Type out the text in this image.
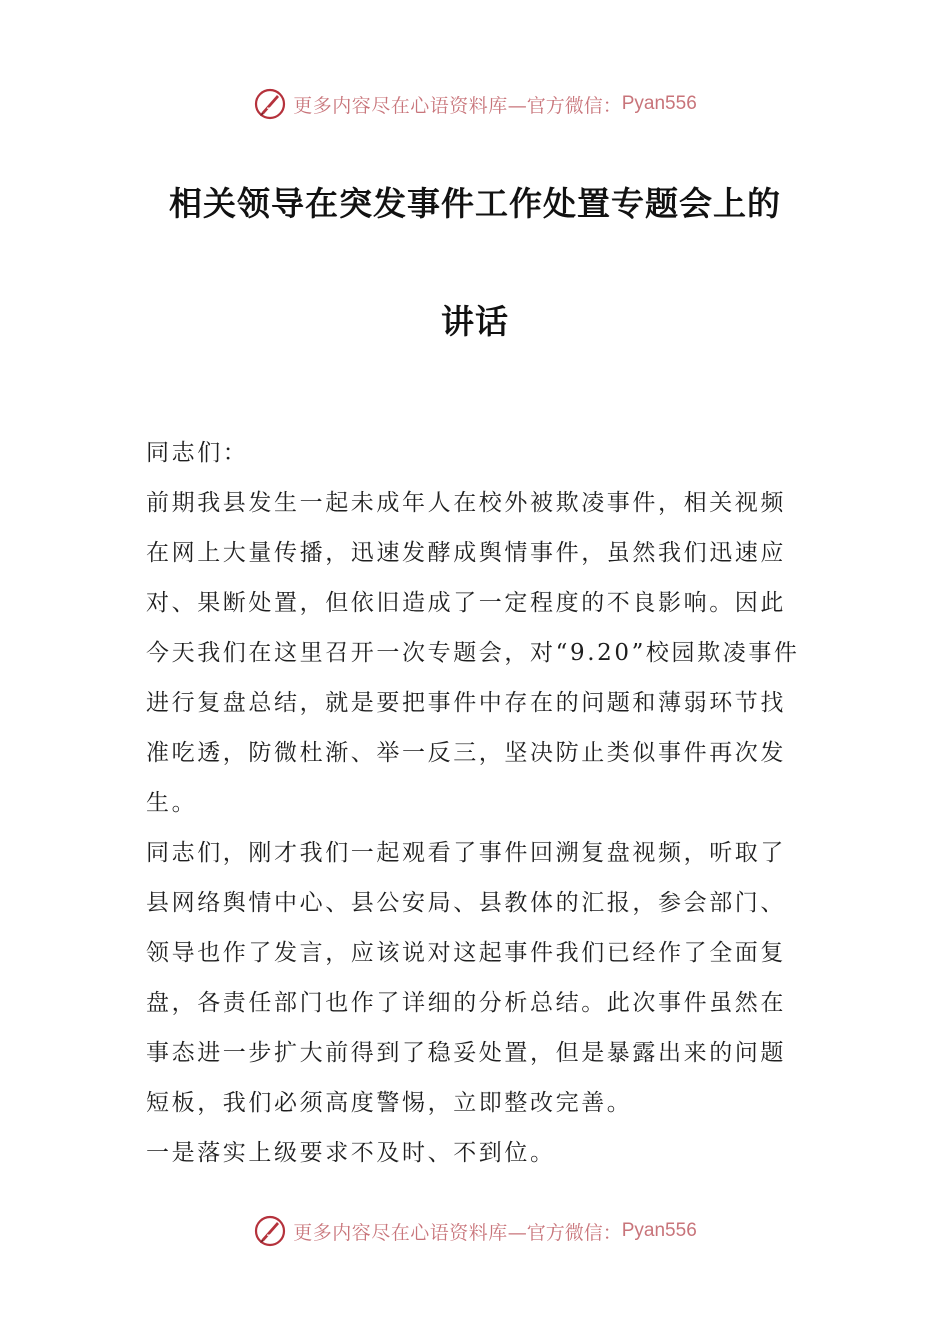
更多内容尽在心语资料库 —官方微信： Pyan556
相关领导在突发事件工作处置专题会上的
讲话
同志们：
前期我县发生一起未成年人在校外被欺凌事件，相关视频
在网上大量传播，迅速发酵成舆情事件，虽然我们迅速应
对、果断处置，但依旧造成了一定程度的不良影响。因此
今天我们在这里召开一次专题会，对“9.20”校园欺凌事件
进行复盘总结，就是要把事件中存在的问题和薄弱环节找
准吃透，防微杜渐、举一反三，坚决防止类似事件再次发
生。
同志们，刚才我们一起观看了事件回溯复盘视频，听取了
县网络舆情中心、县公安局、县教体的汇报，参会部门、
领导也作了发言，应该说对这起事件我们已经作了全面复
盘，各责任部门也作了详细的分析总结。此次事件虽然在
事态进一步扩大前得到了稳妥处置，但是暴露出来的问题
短板，我们必须高度警惕，立即整改完善。
一是落实上级要求不及时、不到位。
更多内容尽在心语资料库 —官方微信： Pyan556
